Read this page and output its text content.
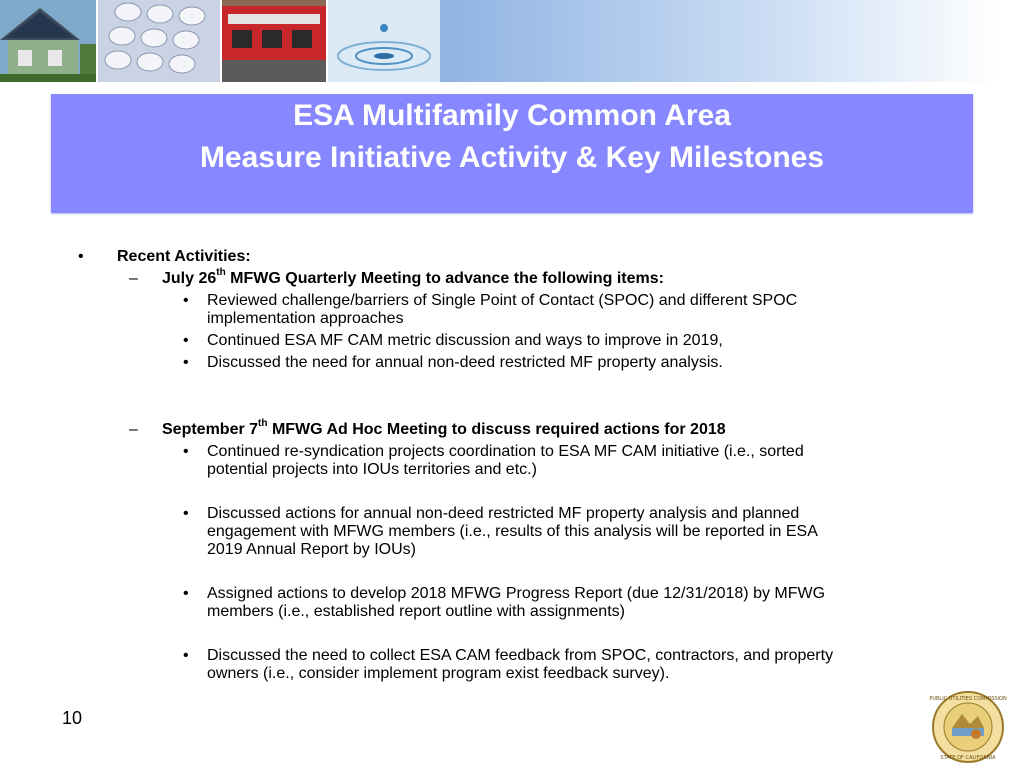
ESA Multifamily Common Area
Measure Initiative Activity & Key Milestones
• Recent Activities:
– July 26th MFWG Quarterly Meeting to advance the following items:
• Reviewed challenge/barriers of Single Point of Contact (SPOC) and different SPOC
implementation approaches
• Continued ESA MF CAM metric discussion and ways to improve in 2019,
• Discussed the need for annual non-deed restricted MF property analysis.
– September 7th MFWG Ad Hoc Meeting to discuss required actions for 2018
• Continued re-syndication projects coordination to ESA MF CAM initiative (i.e., sorted
potential projects into IOUs territories and etc.)
• Discussed actions for annual non-deed restricted MF property analysis and planned
engagement with MFWG members (i.e., results of this analysis will be reported in ESA
2019 Annual Report by IOUs)
• Assigned actions to develop 2018 MFWG Progress Report (due 12/31/2018) by MFWG
members (i.e., established report outline with assignments)
• Discussed the need to collect ESA CAM feedback from SPOC, contractors, and property
owners (i.e., consider implement program exist feedback survey).
10
PUBLIC UTILITIES COMMISSION
STATE OF CALIFORNIA
